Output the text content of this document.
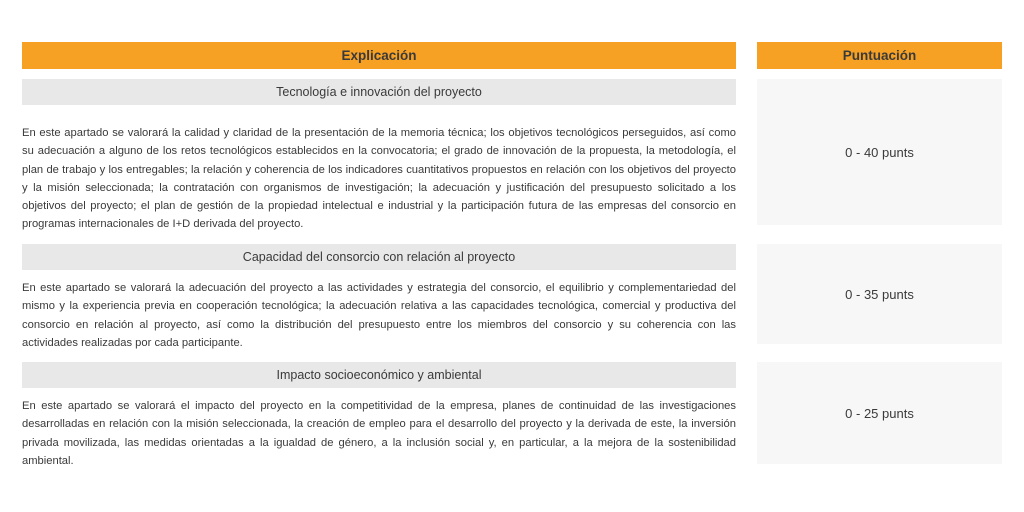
Explicación	Puntuación
Tecnología e innovación del proyecto
En este apartado se valorará la calidad y claridad de la presentación de la memoria técnica; los objetivos tecnológicos perseguidos, así como su adecuación a alguno de los retos tecnológicos establecidos en la convocatoria; el grado de innovación de la propuesta, la metodología, el plan de trabajo y los entregables; la relación y coherencia de los indicadores cuantitativos propuestos en relación con los objetivos del proyecto y la misión seleccionada; la contratación con organismos de investigación; la adecuación y justificación del presupuesto solicitado a los objetivos del proyecto; el plan de gestión de la propiedad intelectual e industrial y la participación futura de las empresas del consorcio en programas internacionales de I+D derivada del proyecto.
0 - 40 punts
Capacidad del consorcio con relación al proyecto
En este apartado se valorará la adecuación del proyecto a las actividades y estrategia del consorcio, el equilibrio y complementariedad del mismo y la experiencia previa en cooperación tecnológica; la adecuación relativa a las capacidades tecnológica, comercial y productiva del consorcio en relación al proyecto, así como la distribución del presupuesto entre los miembros del consorcio y su coherencia con las actividades realizadas por cada participante.
0 - 35 punts
Impacto socioeconómico y ambiental
En este apartado se valorará el impacto del proyecto en la competitividad de la empresa, planes de continuidad de las investigaciones desarrolladas en relación con la misión seleccionada, la creación de empleo para el desarrollo del proyecto y la derivada de este, la inversión privada movilizada, las medidas orientadas a la igualdad de género, a la inclusión social y, en particular, a la mejora de la sostenibilidad ambiental.
0 - 25 punts
